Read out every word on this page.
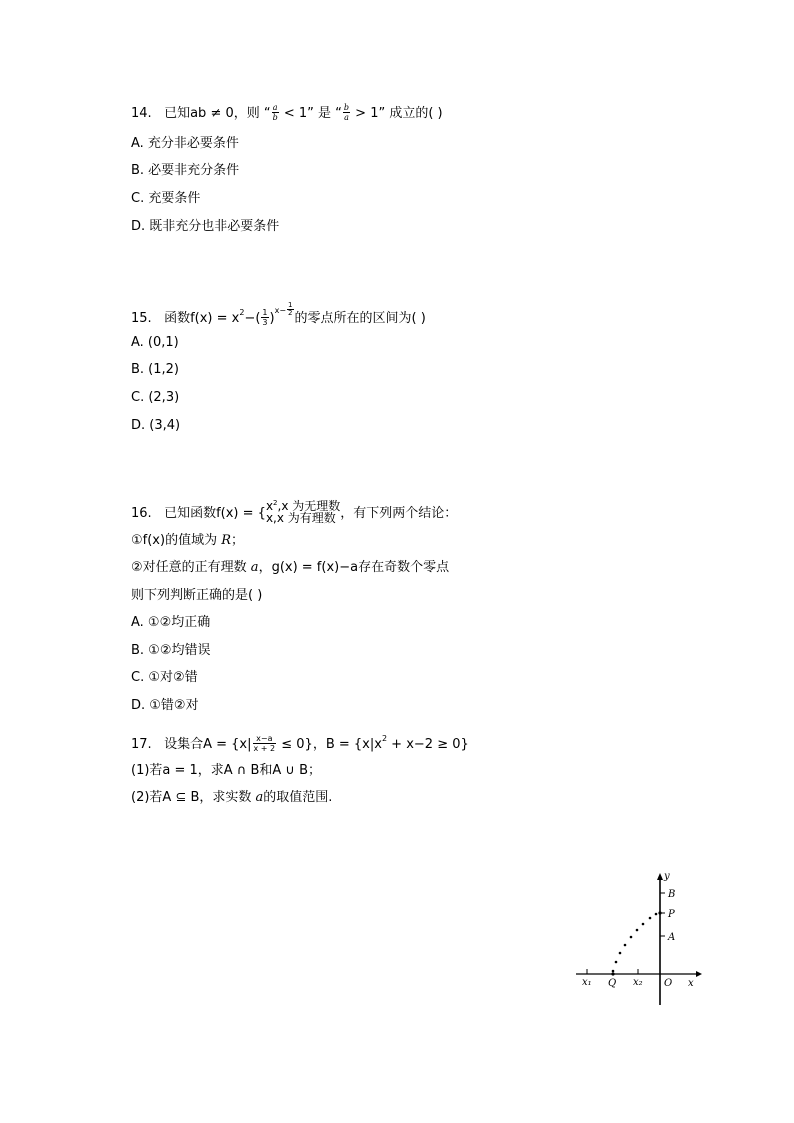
14. 已知ab ≠ 0，则 “ $\frac{a}{b} < 1$” 是 “ $\frac{b}{a} > 1$” 成立的( )
A. 充分非必要条件
B. 必要非充分条件
C. 充要条件
D. 既非充分也非必要条件
15. 函数$f(x) = x^2-( \frac{1}{3} )^{x- \frac{1}{2}}$
的零点所在的区间为( )
A. (0,1)
B. (1,2)
C. (2,3)
D. (3,4)
16. 已知函数f(x) = { $x^2,x$ 为无理数
x,x 为有理数 ，有下列两个结论：
①f(x)的值域为 R；
②对任意的正有理数 a，g(x) = f(x)−a存在奇数个零点
则下列判断正确的是( )
A. ①②均正确
B. ①②均错误
C. ①对②错
D. ①错②对
17. 设集合$A = \{x| \frac{x-a}{x + 2} \le 0\}$，$B = \{x|x^2 + x-2 \ge 0\}$
(1)若a = 1，求A ∩ B和A ∪ B；
(2)若A ⊆ B，求实数 a的取值范围.
y
x
B
P
A
x₁ Q x₂ O
